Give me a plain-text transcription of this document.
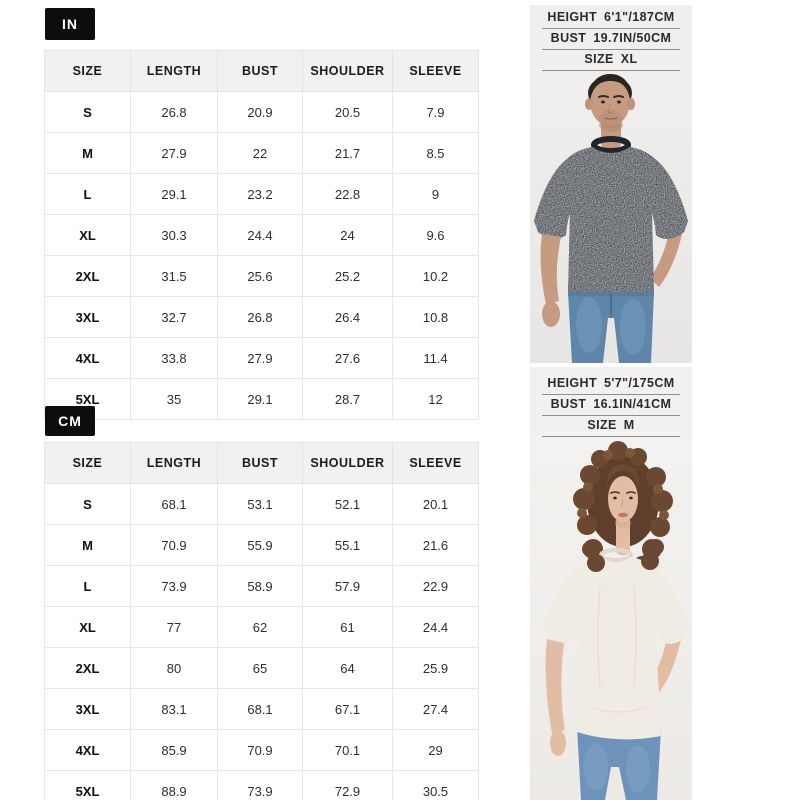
IN
SIZE	LENGTH	BUST	SHOULDER	SLEEVE
S	26.8	20.9	20.5	7.9
M	27.9	22	21.7	8.5
L	29.1	23.2	22.8	9
XL	30.3	24.4	24	9.6
2XL	31.5	25.6	25.2	10.2
3XL	32.7	26.8	26.4	10.8
4XL	33.8	27.9	27.6	11.4
5XL	35	29.1	28.7	12
CM
SIZE	LENGTH	BUST	SHOULDER	SLEEVE
S	68.1	53.1	52.1	20.1
M	70.9	55.9	55.1	21.6
L	73.9	58.9	57.9	22.9
XL	77	62	61	24.4
2XL	80	65	64	25.9
3XL	83.1	68.1	67.1	27.4
4XL	85.9	70.9	70.1	29
5XL	88.9	73.9	72.9	30.5
HEIGHT 6'1"/187CM
BUST 19.7IN/50CM
SIZE XL
HEIGHT 5'7"/175CM
BUST 16.1IN/41CM
SIZE M
